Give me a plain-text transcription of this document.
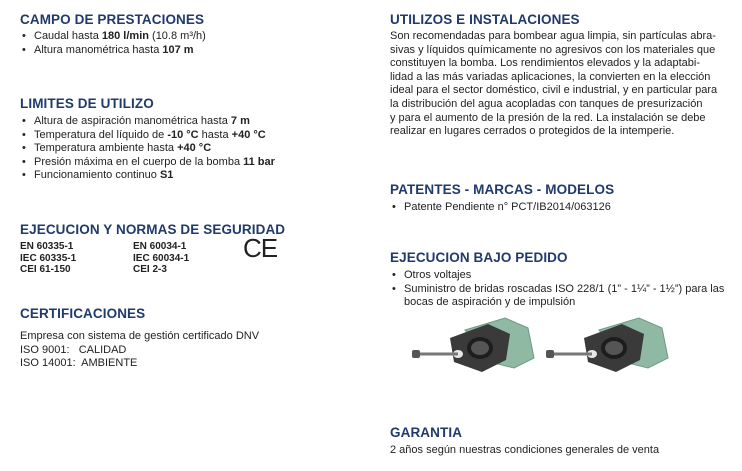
CAMPO DE PRESTACIONES
• Caudal hasta 180 l/min (10.8 m³/h)
• Altura manométrica hasta 107 m
LIMITES DE UTILIZO
• Altura de aspiración manométrica hasta 7 m
• Temperatura del líquido de -10 °C hasta +40 °C
• Temperatura ambiente hasta +40 °C
• Presión máxima en el cuerpo de la bomba 11 bar
• Funcionamiento continuo S1
EJECUCION Y NORMAS DE SEGURIDAD
EN 60335-1
IEC 60335-1
CEI 61-150
EN 60034-1
IEC 60034-1
CEI 2-3
CE
CERTIFICACIONES

Empresa con sistema de gestión certificado DNV

ISO 9001:   CALIDAD

ISO 14001:  AMBIENTE

UTILIZOS E INSTALACIONES

Son recomendadas para bombear agua limpia, sin partículas abra-

sivas y líquidos químicamente no agresivos con los materiales que

constituyen la bomba. Los rendimientos elevados y la adaptabi-

lidad a las más variadas aplicaciones, la convierten en la elección

ideal para el sector doméstico, civil e industrial, y en particular para

la distribución del agua acopladas con tanques de presurización

y para el aumento de la presión de la red. La instalación se debe

realizar en lugares cerrados o protegidos de la intemperie.

PATENTES - MARCAS - MODELOS
• Patente Pendiente n° PCT/IB2014/063126
EJECUCION BAJO PEDIDO
• Otros voltajes
• Suministro de bridas roscadas ISO 228/1 (1” - 1¼” - 1½”) para las
bocas de aspiración y de impulsión
GARANTIA

2 años según nuestras condiciones generales de venta
